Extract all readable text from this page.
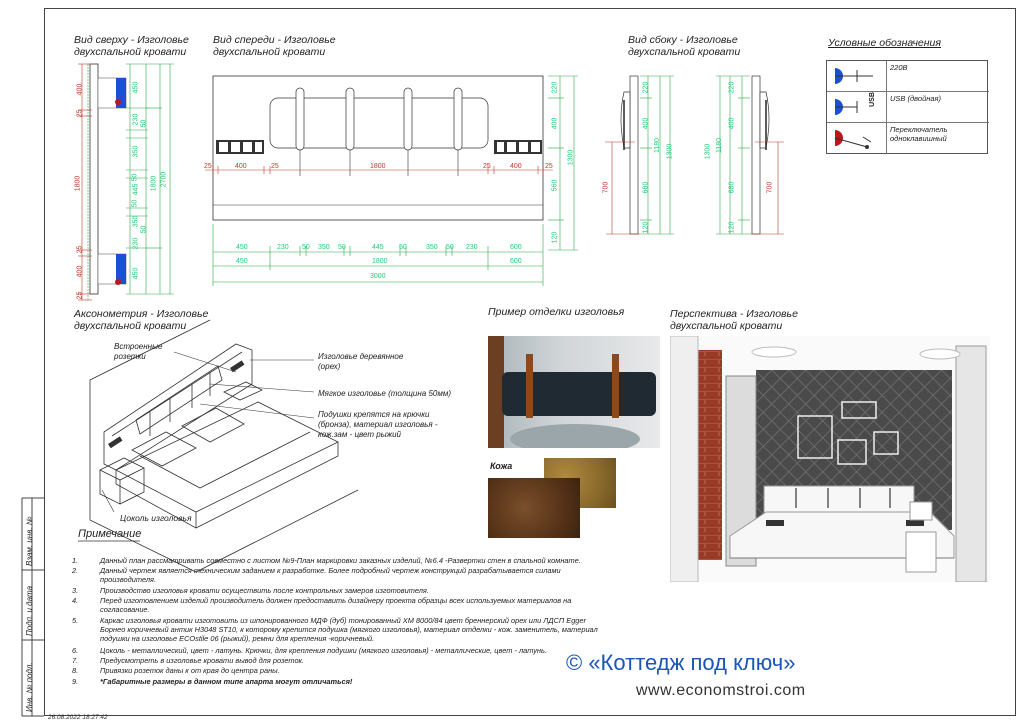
Взам. инв. №
Подп. и дата
Инв. № подл.
Вид сверху - Изголовье
двухспальной кровати
400
25
1800
25
400
25
450
230 50
350
50
445
50
350
50
230
450
1800 2700
Вид спереди - Изголовье
двухспальной кровати
25	400	25	1800	25	400	25
450	230 50 350 50	445 50	350 50 230	600
450	1800	600
3000
220
400
560
120
1300
Вид сбоку - Изголовье
двухспальной кровати
700
220
400
680
120
1180 1300	1300 1180
220
400
680
120
700
Условные обозначения
220В
USB USB (двойная)
Переключатель одноклавишный
Аксонометрия - Изголовье
двухспальной кровати
Встроенные розетки	Изголовье деревянное (орех)
Мягкое изголовье (толщина 50мм)
Подушки крепятся на крючки
(бронза), материал изголовья -
кож.зам - цвет рыжий
Цоколь изголовья
Пример отделки изголовья
Кожа
Перспектива - Изголовье
двухспальной кровати
Примечание
1.	Данный план рассматривать совместно с листом №9-План маркировки заказных изделий, №6.4 -Развертки стен в спальной комнате.
2.	Данный чертеж является техническим заданием к разработке. Более подробный чертеж конструкций разрабатывается силами
производителя.
3.	Производство изголовья кровати осуществить после контрольных замеров изготовителя.
4.	Перед изготовлением изделий производитель должен предоставить дизайнеру проекта образцы всех используемых материалов на
согласование.
5.	Каркас изголовья кровати изготовить из шпонированного МДФ (дуб) тонированный ХМ 8000/84 цвет бреннерский орех или ЛДСП Egger
Борнео коричневый антик Н3048 ST10, к которому крепится подушка (мягкого изголовья), материал отделки - кож. заменитель, материал
подушки на изголовье ECOstile 06 (рыжий), ремни для крепления -коричневый.
6.	Цоколь - металлический, цвет - латунь. Крючки, для крепления подушки (мягкого изголовья) - металлические, цвет - латунь.
7.	Предусмотреть в изголовье кровати вывод для розеток.
8.	Привязки розеток даны к от края до центра раны.
9.	*Габаритные размеры в данном типе апартa могут отличаться!
© «Коттедж под ключ»
www.economstroi.com
26.08.2022 18:27:42
